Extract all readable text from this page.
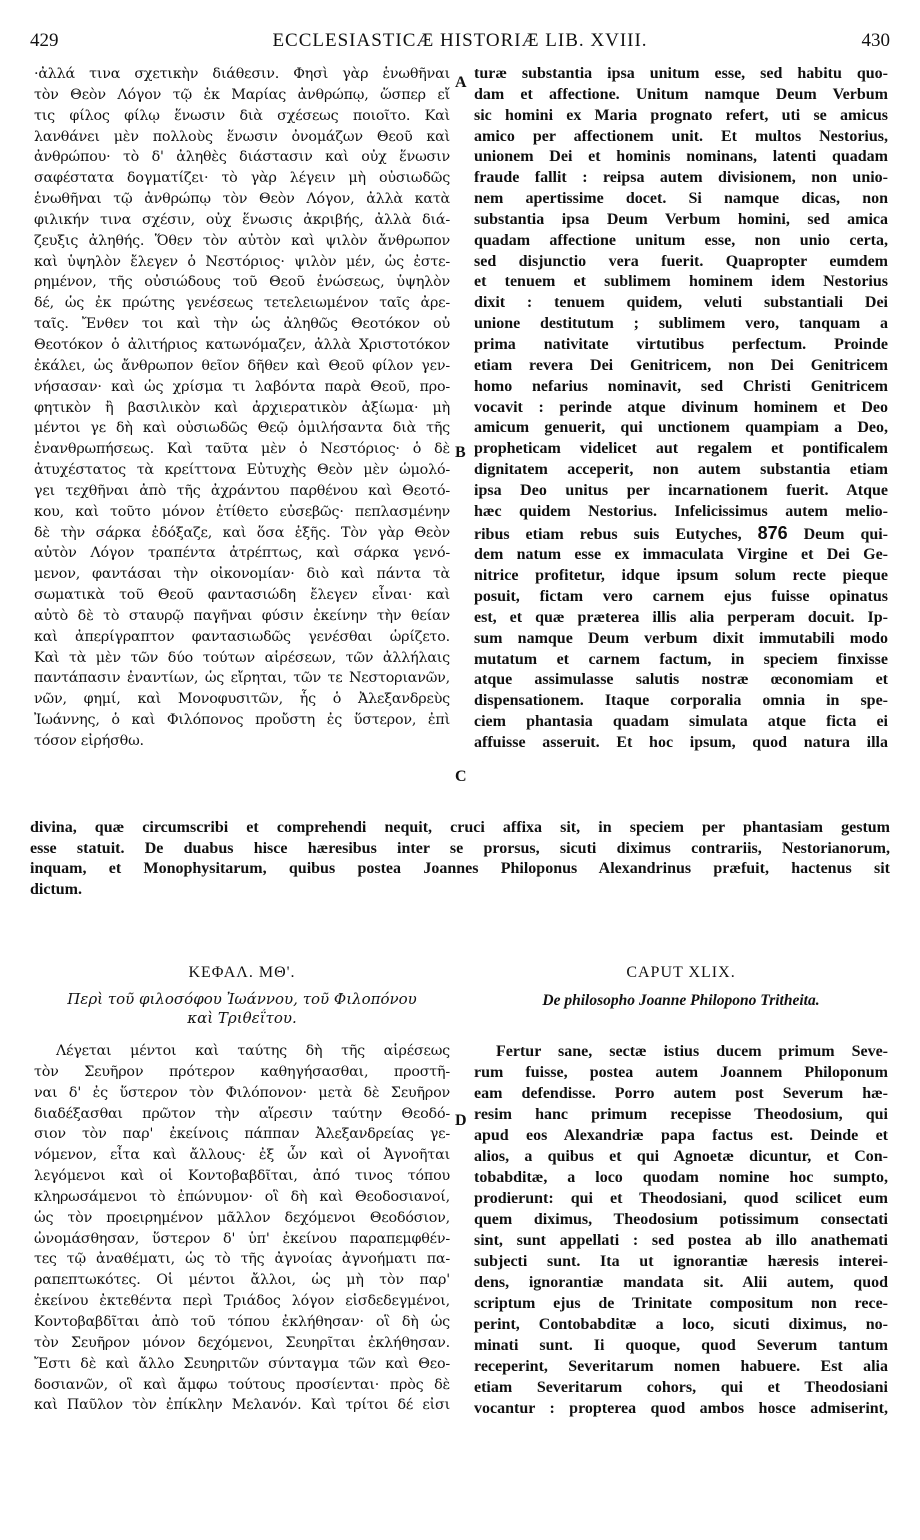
429	ECCLESIASTICÆ HISTORIÆ LIB. XVIII.	430
·ἀλλά τινα σχετικὴν διάθεσιν. Φησὶ γὰρ ἑνωθῆναι
τὸν Θεὸν Λόγον τῷ ἐκ Μαρίας ἀνθρώπῳ, ὥσπερ εἴ
τις φίλος φίλῳ ἕνωσιν διὰ σχέσεως ποιοῖτο. Καὶ
λανθάνει μὲν πολλοὺς ἕνωσιν ὀνομάζων Θεοῦ καὶ
ἀνθρώπου· τὸ δ' ἀληθὲς διάστασιν καὶ οὐχ ἕνωσιν
σαφέστατα δογματίζει· τὸ γὰρ λέγειν μὴ οὐσιωδῶς
ἑνωθῆναι τῷ ἀνθρώπῳ τὸν Θεὸν Λόγον, ἀλλὰ κατὰ
φιλικήν τινα σχέσιν, οὐχ ἕνωσις ἀκριβής, ἀλλὰ διά-
ζευξις ἀληθής. Ὅθεν τὸν αὐτὸν καὶ ψιλὸν ἄνθρωπον
καὶ ὑψηλὸν ἔλεγεν ὁ Νεστόριος· ψιλὸν μέν, ὡς ἐστε-
ρημένον, τῆς οὐσιώδους τοῦ Θεοῦ ἑνώσεως, ὑψηλὸν
δέ, ὡς ἐκ πρώτης γενέσεως τετελειωμένον ταῖς ἀρε-
ταῖς. Ἔνθεν τοι καὶ τὴν ὡς ἀληθῶς Θεοτόκον οὐ
Θεοτόκον ὁ ἀλιτήριος κατωνόμαζεν, ἀλλὰ Χριστοτόκον
ἐκάλει, ὡς ἄνθρωπον θεῖον δῆθεν καὶ Θεοῦ φίλον γεν-
νήσασαν· καὶ ὡς χρίσμα τι λαβόντα παρὰ Θεοῦ, προ-
φητικὸν ἢ βασιλικὸν καὶ ἀρχιερατικὸν ἀξίωμα· μὴ
μέντοι γε δὴ καὶ οὐσιωδῶς Θεῷ ὁμιλήσαντα διὰ τῆς
ἐνανθρωπήσεως. Καὶ ταῦτα μὲν ὁ Νεστόριος· ὁ δὲ
ἀτυχέστατος τὰ κρείττονα Εὐτυχὴς Θεὸν μὲν ὡμολό-
γει τεχθῆναι ἀπὸ τῆς ἀχράντου παρθένου καὶ Θεοτό-
κου, καὶ τοῦτο μόνον ἐτίθετο εὐσεβῶς· πεπλασμένην
δὲ τὴν σάρκα ἐδόξαζε, καὶ ὅσα ἑξῆς. Τὸν γὰρ Θεὸν
αὐτὸν Λόγον τραπέντα ἀτρέπτως, καὶ σάρκα γενό-
μενον, φαντάσαι τὴν οἰκονομίαν· διὸ καὶ πάντα τὰ
σωματικὰ τοῦ Θεοῦ φαντασιώδη ἔλεγεν εἶναι· καὶ
αὐτὸ δὲ τὸ σταυρῷ παγῆναι φύσιν ἐκείνην τὴν θείαν
καὶ ἀπερίγραπτον φαντασιωδῶς γενέσθαι ὡρίζετο.
Καὶ τὰ μὲν τῶν δύο τούτων αἱρέσεων, τῶν ἀλλήλαις
παντάπασιν ἐναντίων, ὡς εἴρηται, τῶν τε Νεστοριανῶν,
νῶν, φημί, καὶ Μονοφυσιτῶν, ἧς ὁ Ἀλεξανδρεὺς
Ἰωάννης, ὁ καὶ Φιλόπονος προὔστη ἐς ὕστερον, ἐπὶ
τόσον εἰρήσθω.
turæ substantia ipsa unitum esse, sed habitu quo-
dam et affectione. Unitum namque Deum Verbum
sic homini ex Maria prognato refert, uti se amicus
amico per affectionem unit. Et multos Nestorius,
unionem Dei et hominis nominans, latenti quadam
fraude fallit : reipsa autem divisionem, non unio-
nem apertissime docet. Si namque dicas, non
substantia ipsa Deum Verbum homini, sed amica
quadam affectione unitum esse, non unio certa,
sed disjunctio vera fuerit. Quapropter eumdem
et tenuem et sublimem hominem idem Nestorius
dixit : tenuem quidem, veluti substantiali Dei
unione destitutum ; sublimem vero, tanquam a
prima nativitate virtutibus perfectum. Proinde
etiam revera Dei Genitricem, non Dei Genitricem
homo nefarius nominavit, sed Christi Genitricem
vocavit : perinde atque divinum hominem et Deo
amicum genuerit, qui unctionem quampiam a Deo,
propheticam videlicet aut regalem et pontificalem
dignitatem acceperit, non autem substantia etiam
ipsa Deo unitus per incarnationem fuerit. Atque
hæc quidem Nestorius. Infelicissimus autem melio-
ribus etiam rebus suis Eutyches, 876 Deum qui-
dem natum esse ex immaculata Virgine et Dei Ge-
nitrice profitetur, idque ipsum solum recte pieque
posuit, fictam vero carnem ejus fuisse opinatus
est, et quæ præterea illis alia perperam docuit. Ip-
sum namque Deum verbum dixit immutabili modo
mutatum et carnem factum, in speciem finxisse
atque assimulasse salutis nostræ œconomiam et
dispensationem. Itaque corporalia omnia in spe-
ciem phantasia quadam simulata atque ficta ei
affuisse asseruit. Et hoc ipsum, quod natura illa
A
B
C
D
divina, quæ circumscribi et comprehendi nequit, cruci affixa sit, in speciem per phantasiam gestum
esse statuit. De duabus hisce hæresibus inter se prorsus, sicuti diximus contrariis, Nestorianorum,
inquam, et Monophysitarum, quibus postea Joannes Philoponus Alexandrinus præfuit, hactenus sit
dictum.
ΚΕΦΑΛ. ΜΘ'.
Περὶ τοῦ φιλοσόφου Ἰωάννου, τοῦ Φιλοπόνου
καὶ Τριθεΐτου.
CAPUT XLIX.
De philosopho Joanne Philopono Tritheita.
Λέγεται μέντοι καὶ ταύτης δὴ τῆς αἱρέσεως
τὸν Σευῆρον πρότερον καθηγήσασθαι, προστῆ-
ναι δ' ἐς ὕστερον τὸν Φιλόπονον· μετὰ δὲ Σευῆρον
διαδέξασθαι πρῶτον τὴν αἵρεσιν ταύτην Θεοδό-
σιον τὸν παρ' ἐκείνοις πάππαν Ἀλεξανδρείας γε-
νόμενον, εἶτα καὶ ἄλλους· ἐξ ὧν καὶ οἱ Ἀγνοῆται
λεγόμενοι καὶ οἱ Κοντοβαβδῖται, ἀπό τινος τόπου
κληρωσάμενοι τὸ ἐπώνυμον· οἳ δὴ καὶ Θεοδοσιανοί,
ὡς τὸν προειρημένον μᾶλλον δεχόμενοι Θεοδόσιον,
ὠνομάσθησαν, ὕστερον δ' ὑπ' ἐκείνου παραπεμφθέν-
τες τῷ ἀναθέματι, ὡς τὸ τῆς ἀγνοίας ἀγνοήματι πα-
ραπεπτωκότες. Οἱ μέντοι ἄλλοι, ὡς μὴ τὸν παρ'
ἐκείνου ἐκτεθέντα περὶ Τριάδος λόγον εἰσδεδεγμένοι,
Κοντοβαβδῖται ἀπὸ τοῦ τόπου ἐκλήθησαν· οἳ δὴ ὡς
τὸν Σευῆρον μόνον δεχόμενοι, Σευηρῖται ἐκλήθησαν.
Ἔστι δὲ καὶ ἄλλο Σευηριτῶν σύνταγμα τῶν καὶ Θεο-
δοσιανῶν, οἳ καὶ ἄμφω τούτους προσίενται· πρὸς δὲ
καὶ Παῦλον τὸν ἐπίκλην Μελανόν. Καὶ τρίτοι δέ εἰσι
Fertur sane, sectæ istius ducem primum Seve-
rum fuisse, postea autem Joannem Philoponum
eam defendisse. Porro autem post Severum hæ-
resim hanc primum recepisse Theodosium, qui
apud eos Alexandriæ papa factus est. Deinde et
alios, a quibus et qui Agnoetæ dicuntur, et Con-
tobabditæ, a loco quodam nomine hoc sumpto,
prodierunt: qui et Theodosiani, quod scilicet eum
quem diximus, Theodosium potissimum consectati
sint, sunt appellati : sed postea ab illo anathemati
subjecti sunt. Ita ut ignorantiæ hæresis interei-
dens, ignorantiæ mandata sit. Alii autem, quod
scriptum ejus de Trinitate compositum non rece-
perint, Contobabditæ a loco, sicuti diximus, no-
minati sunt. Ii quoque, quod Severum tantum
receperint, Severitarum nomen habuere. Est alia
etiam Severitarum cohors, qui et Theodosiani
vocantur : propterea quod ambos hosce admiserint,
